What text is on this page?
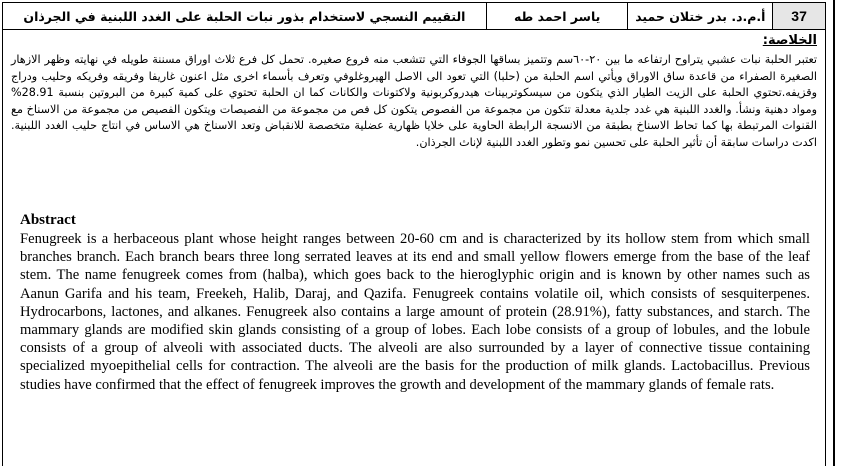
التقييم النسجي لاستخدام بذور نبات الحلبة على الغدد اللبنية في الجرذان	ياسر احمد طه	أ.م.د. بدر ختلان حميد	37
الخلاصة:
تعتبر الحلبة نبات عشبي يتراوح ارتفاعه ما بين ٢٠-٦٠سم وتتميز بساقها الجوفاء التي تتشعب منه فروع صغيره. تحمل كل فرع ثلاث اوراق مسننة طويله في نهايته وظهر الازهار الصغيرة الصفراء من قاعدة ساق الاوراق ويأتي اسم الحلبة من (حلبا) التي تعود الى الاصل الهيروغلوفي وتعرف بأسماء اخرى مثل اعنون غاريفا وفريقه وفريكه وحليب ودراج وقزيفه.تحتوي الحلبة على الزيت الطيار الذي يتكون من سيسكوتربينات هيدروكربونية ولاكتونات والكانات كما ان الحلبة تحتوي على كمية كبيرة من البروتين بنسبة 28.91% ومواد دهنية ونشأ. والغدد اللبنية هي غدد جلدية معدلة تتكون من مجموعة من الفصوص يتكون كل فص من مجموعة من الفصيصات ويتكون الفصيص من مجموعة من الاسناخ مع القنوات المرتبطة بها كما تحاط الاسناخ بطبقة من الانسجة الرابطة الحاوية على خلايا ظهارية عضلية متخصصة للانقباض وتعد الاسناخ هي الاساس في انتاج حليب الغدد اللبنية. اكدت دراسات سابقة أن تأثير الحلبة على تحسين نمو وتطور الغدد اللبنية لإناث الجرذان.
Abstract
Fenugreek is a herbaceous plant whose height ranges between 20-60 cm and is characterized by its hollow stem from which small branches branch. Each branch bears three long serrated leaves at its end and small yellow flowers emerge from the base of the leaf stem. The name fenugreek comes from (halba), which goes back to the hieroglyphic origin and is known by other names such as Aanun Garifa and his team, Freekeh, Halib, Daraj, and Qazifa. Fenugreek contains volatile oil, which consists of sesquiterpenes. Hydrocarbons, lactones, and alkanes. Fenugreek also contains a large amount of protein (28.91%), fatty substances, and starch. The mammary glands are modified skin glands consisting of a group of lobes. Each lobe consists of a group of lobules, and the lobule consists of a group of alveoli with associated ducts. The alveoli are also surrounded by a layer of connective tissue containing specialized myoepithelial cells for contraction. The alveoli are the basis for the production of milk glands. Lactobacillus. Previous studies have confirmed that the effect of fenugreek improves the growth and development of the mammary glands of female rats.
